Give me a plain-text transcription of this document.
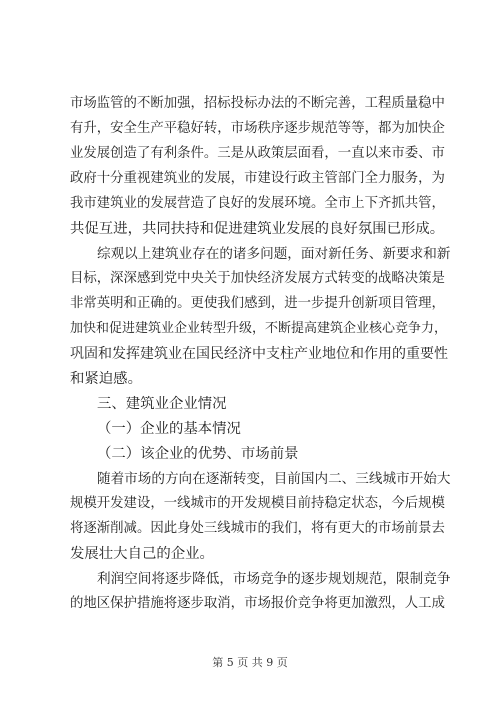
市场监管的不断加强，招标投标办法的不断完善，工程质量稳中
有升，安全生产平稳好转，市场秩序逐步规范等等，都为加快企
业发展创造了有利条件。三是从政策层面看，一直以来市委、市
政府十分重视建筑业的发展，市建设行政主管部门全力服务，为
我市建筑业的发展营造了良好的发展环境。全市上下齐抓共管，
共促互进，共同扶持和促进建筑业发展的良好氛围已形成。
综观以上建筑业存在的诸多问题，面对新任务、新要求和新
目标，深深感到党中央关于加快经济发展方式转变的战略决策是
非常英明和正确的。更使我们感到，进一步提升创新项目管理，
加快和促进建筑业企业转型升级，不断提高建筑企业核心竞争力，
巩固和发挥建筑业在国民经济中支柱产业地位和作用的重要性
和紧迫感。
三、建筑业企业情况
（一）企业的基本情况
（二）该企业的优势、市场前景
随着市场的方向在逐渐转变，目前国内二、三线城市开始大
规模开发建设，一线城市的开发规模目前持稳定状态，今后规模
将逐渐削减。因此身处三线城市的我们，将有更大的市场前景去
发展壮大自己的企业。
利润空间将逐步降低，市场竞争的逐步规划规范，限制竞争
的地区保护措施将逐步取消，市场报价竞争将更加激烈，人工成
第 5 页 共 9 页
